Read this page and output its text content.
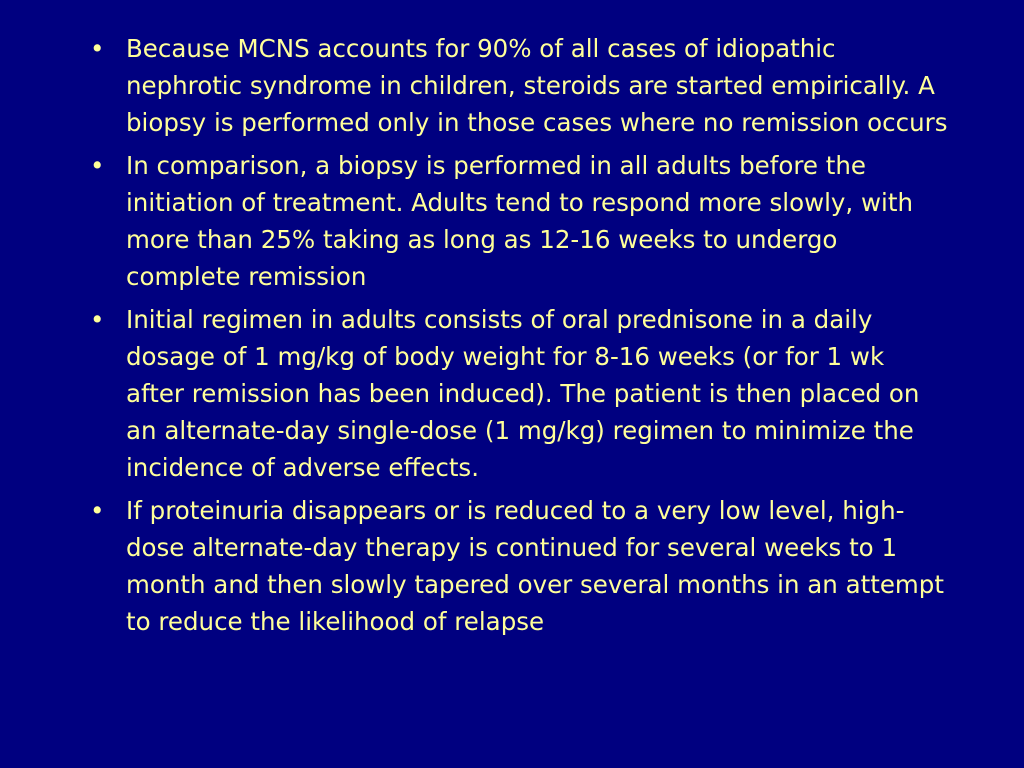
• Because MCNS accounts for 90% of all cases of idiopathic nephrotic syndrome in children, steroids are started empirically. A biopsy is performed only in those cases where no remission occurs
• In comparison, a biopsy is performed in all adults before the initiation of treatment. Adults tend to respond more slowly, with more than 25% taking as long as 12-16 weeks to undergo complete remission
• Initial regimen in adults consists of oral prednisone in a daily dosage of 1 mg/kg of body weight for 8-16 weeks (or for 1 wk after remission has been induced). The patient is then placed on an alternate-day single-dose (1 mg/kg) regimen to minimize the incidence of adverse effects.
• If proteinuria disappears or is reduced to a very low level, high-dose alternate-day therapy is continued for several weeks to 1 month and then slowly tapered over several months in an attempt to reduce the likelihood of relapse
